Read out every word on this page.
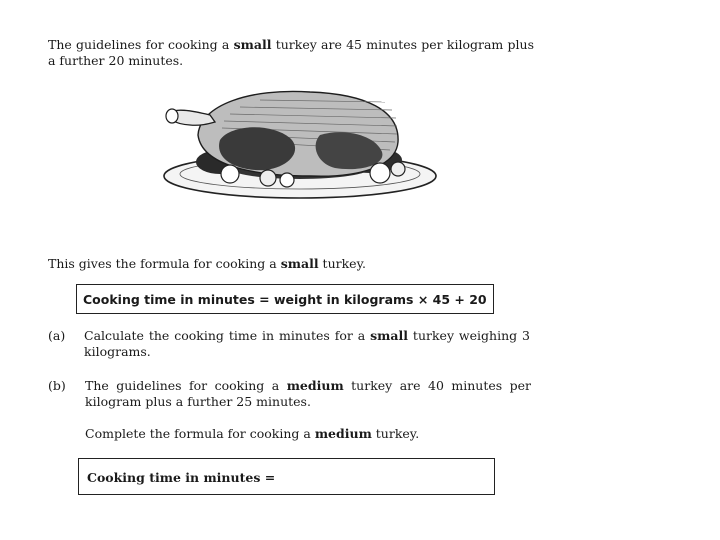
The guidelines for cooking a small turkey are 45 minutes per kilogram plus a further 20 minutes.
This gives the formula for cooking a small turkey.
Cooking time in minutes = weight in kilograms × 45 + 20
(a) Calculate the cooking time in minutes for a small turkey weighing 3 kilograms.
(b) The guidelines for cooking a medium turkey are 40 minutes per kilogram plus a further 25 minutes.
Complete the formula for cooking a medium turkey.
Cooking time in minutes =
